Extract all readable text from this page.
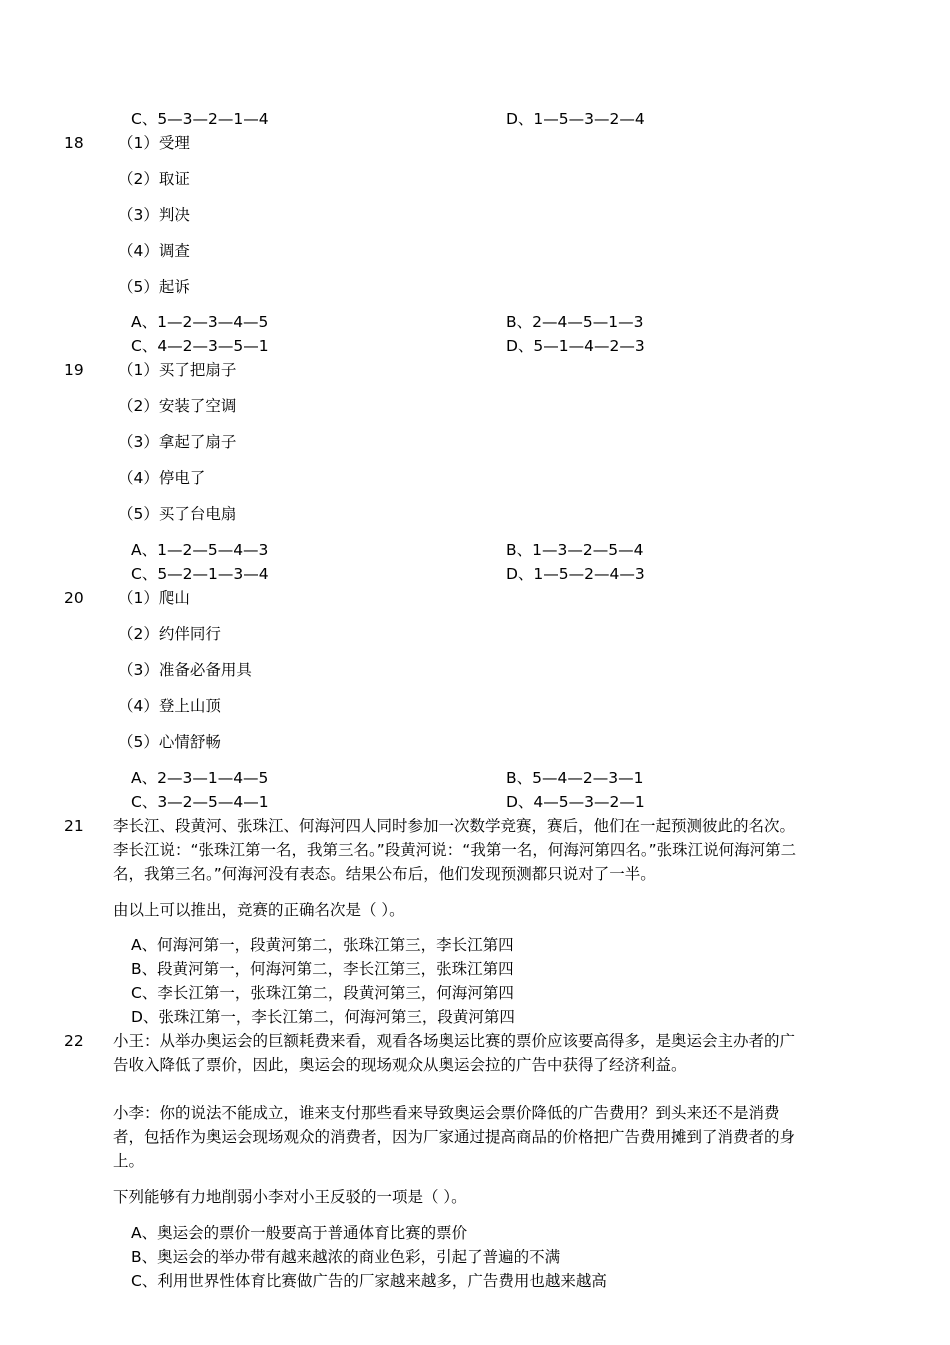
C、5—3—2—1—4	D、1—5—3—2—4
18 （1）受理
（2）取证
（3）判决
（4）调查
（5）起诉
A、1—2—3—4—5	B、2—4—5—1—3
C、4—2—3—5—1	D、5—1—4—2—3
19 （1）买了把扇子
（2）安装了空调
（3）拿起了扇子
（4）停电了
（5）买了台电扇
A、1—2—5—4—3	B、1—3—2—5—4
C、5—2—1—3—4	D、1—5—2—4—3
20 （1）爬山
（2）约伴同行
（3）准备必备用具
（4）登上山顶
（5）心情舒畅
A、2—3—1—4—5	B、5—4—2—3—1
C、3—2—5—4—1	D、4—5—3—2—1
21 李长江、段黄河、张珠江、何海河四人同时参加一次数学竞赛，赛后，他们在一起预测彼此的名次。
李长江说：“张珠江第一名，我第三名。”段黄河说：“我第一名，何海河第四名。”张珠江说何海河第二
名，我第三名。”何海河没有表态。结果公布后，他们发现预测都只说对了一半。
由以上可以推出，竞赛的正确名次是（ ）。
A、何海河第一，段黄河第二，张珠江第三，李长江第四
B、段黄河第一，何海河第二，李长江第三，张珠江第四
C、李长江第一，张珠江第二，段黄河第三，何海河第四
D、张珠江第一，李长江第二，何海河第三，段黄河第四
22 小王：从举办奥运会的巨额耗费来看，观看各场奥运比赛的票价应该要高得多，是奥运会主办者的广
告收入降低了票价，因此，奥运会的现场观众从奥运会拉的广告中获得了经济利益。
小李：你的说法不能成立，谁来支付那些看来导致奥运会票价降低的广告费用？到头来还不是消费
者，包括作为奥运会现场观众的消费者，因为厂家通过提高商品的价格把广告费用摊到了消费者的身
上。
下列能够有力地削弱小李对小王反驳的一项是（ ）。
A、奥运会的票价一般要高于普通体育比赛的票价
B、奥运会的举办带有越来越浓的商业色彩，引起了普遍的不满
C、利用世界性体育比赛做广告的厂家越来越多，广告费用也越来越高
